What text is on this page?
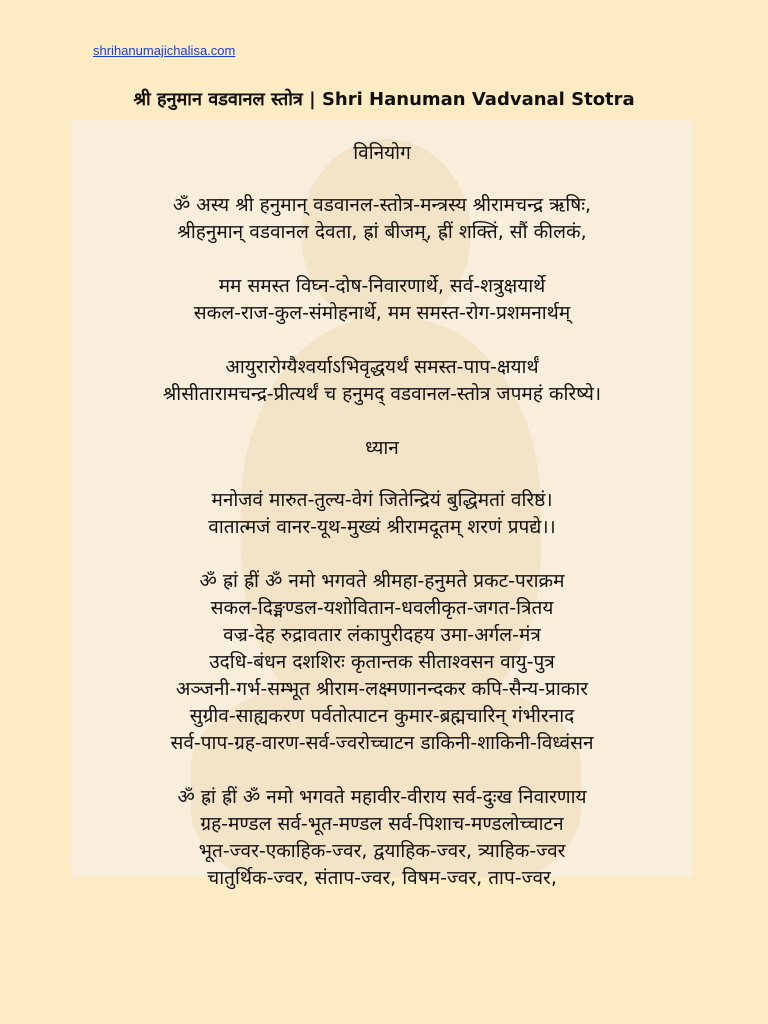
shrihanumajichalisa.com
श्री हनुमान वडवानल स्तोत्र | Shri Hanuman Vadvanal Stotra
विनियोग

ॐ अस्य श्री हनुमान् वडवानल-स्तोत्र-मन्त्रस्य श्रीरामचन्द्र ऋषिः,
श्रीहनुमान् वडवानल देवता, ह्रां बीजम्, ह्रीं शक्तिं, सौं कीलकं,

मम समस्त विघ्न-दोष-निवारणार्थे, सर्व-शत्रुक्षयार्थे
सकल-राज-कुल-संमोहनार्थे, मम समस्त-रोग-प्रशमनार्थम्

आयुरारोग्यैश्वर्याऽभिवृद्धयर्थं समस्त-पाप-क्षयार्थं
श्रीसीतारामचन्द्र-प्रीत्यर्थं च हनुमद् वडवानल-स्तोत्र जपमहं करिष्ये।

ध्यान

मनोजवं मारुत-तुल्य-वेगं जितेन्द्रियं बुद्धिमतां वरिष्ठं।
वातात्मजं वानर-यूथ-मुख्यं श्रीरामदूतम् शरणं प्रपद्ये।।

ॐ ह्रां ह्रीं ॐ नमो भगवते श्रीमहा-हनुमते प्रकट-पराक्रम
सकल-दिङ्मण्डल-यशोवितान-धवलीकृत-जगत-त्रितय
वज्र-देह रुद्रावतार लंकापुरीदहय उमा-अर्गल-मंत्र
उदधि-बंधन दशशिरः कृतान्तक सीताश्वसन वायु-पुत्र
अञ्जनी-गर्भ-सम्भूत श्रीराम-लक्ष्मणानन्दकर कपि-सैन्य-प्राकार
सुग्रीव-साह्यकरण पर्वतोत्पाटन कुमार-ब्रह्मचारिन् गंभीरनाद
सर्व-पाप-ग्रह-वारण-सर्व-ज्वरोच्चाटन डाकिनी-शाकिनी-विध्वंसन

ॐ ह्रां ह्रीं ॐ नमो भगवते महावीर-वीराय सर्व-दुःख निवारणाय
ग्रह-मण्डल सर्व-भूत-मण्डल सर्व-पिशाच-मण्डलोच्चाटन
भूत-ज्वर-एकाहिक-ज्वर, द्वयाहिक-ज्वर, त्र्याहिक-ज्वर
चातुर्थिक-ज्वर, संताप-ज्वर, विषम-ज्वर, ताप-ज्वर,
